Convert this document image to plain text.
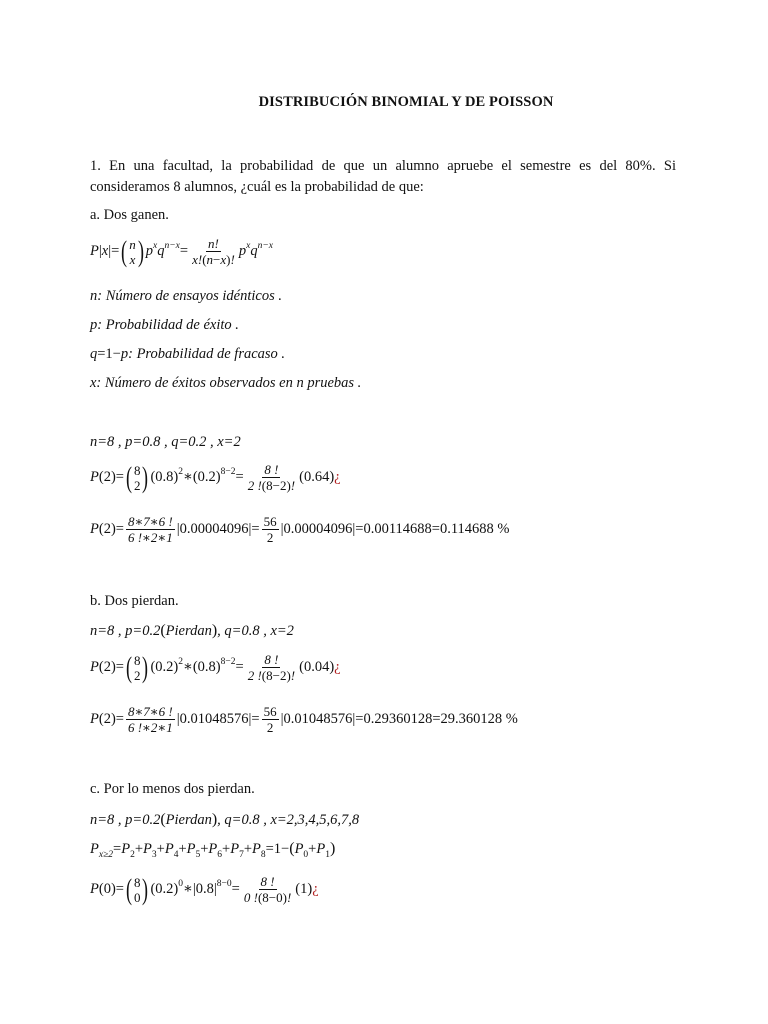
DISTRIBUCIÓN BINOMIAL Y DE POISSON
1. En una facultad, la probabilidad de que un alumno apruebe el semestre es del 80%. Si consideramos 8 alumnos, ¿cuál es la probabilidad de que:
a. Dos ganen.
P|x|= ( n
x ) $p^xq^{n-x}= \frac{n!}{x!(n-x)!} p^xq^{n-x}$
n: Número de ensayos idénticos .
p: Probabilidad de éxito .
q=1−p: Probabilidad de fracaso .
x: Número de éxitos observados en n pruebas .
n=8 , p=0.8 , q=0.2 , x=2
P(2)= ( 8
2 ) $(0.8)^2∗(0.2)^{8-2}= \frac{8 !}{2 !(8-2)!}$ (0.64)¿
$P(2)= \frac{8∗7∗6 !}{6 !∗2∗1} |0.00004096|= \frac{56}{2} |0.00004096|=0.00114688=0.114688$ %
b. Dos pierdan.
n=8 , p=0.2(Pierdan), q=0.8 , x=2
P(2)= ( 8
2 ) $(0.2)^2∗(0.8)^{8-2}= \frac{8 !}{2 !(8-2)!}$ (0.04)¿
$P(2)= \frac{8∗7∗6 !}{6 !∗2∗1} |0.01048576|= \frac{56}{2} |0.01048576|=0.29360128=29.360128$ %
c. Por lo menos dos pierdan.
n=8 , p=0.2(Pierdan), q=0.8 , x=2,3,4,5,6,7,8
$P_{x\ge 2}=P_2+P_3+P_4+P_5+P_6+P_7+P_8=1-(P_0+P_1)$
P(0)= ( 8
0 ) $(0.2)^0∗|0.8|^{8-0}= \frac{8 !}{0 !(8-0)!}$ (1)¿
